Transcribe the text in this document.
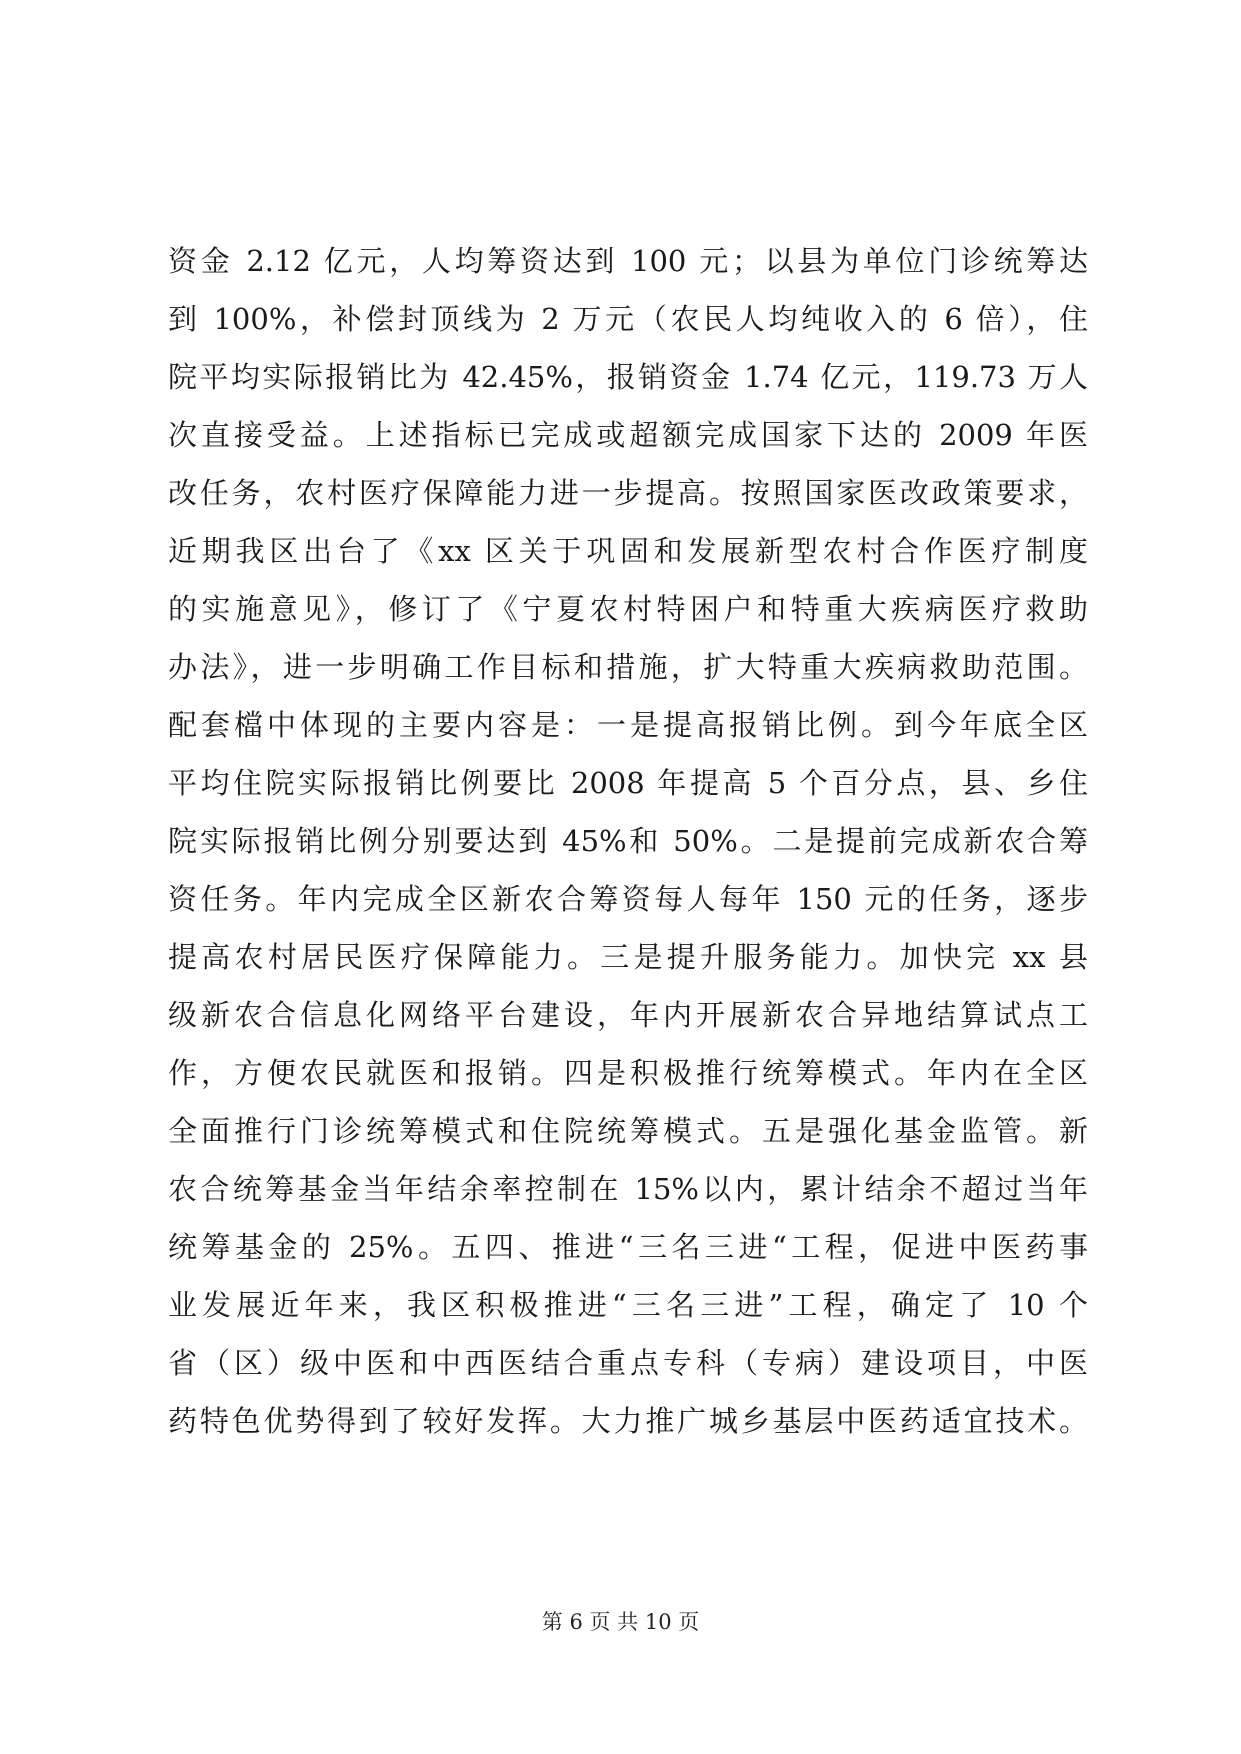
资金 2.12 亿元，人均筹资达到 100 元；以县为单位门诊统筹达
到 100%，补偿封顶线为 2 万元（农民人均纯收入的 6 倍），住
院平均实际报销比为 42.45%，报销资金 1.74 亿元，119.73 万人
次直接受益。上述指标已完成或超额完成国家下达的 2009 年医
改任务，农村医疗保障能力进一步提高。按照国家医改政策要求，
近期我区出台了《xx 区关于巩固和发展新型农村合作医疗制度
的实施意见》，修订了《宁夏农村特困户和特重大疾病医疗救助
办法》，进一步明确工作目标和措施，扩大特重大疾病救助范围。
配套檔中体现的主要内容是：一是提高报销比例。到今年底全区
平均住院实际报销比例要比 2008 年提高 5 个百分点，县、乡住
院实际报销比例分别要达到 45%和 50%。二是提前完成新农合筹
资任务。年内完成全区新农合筹资每人每年 150 元的任务，逐步
提高农村居民医疗保障能力。三是提升服务能力。加快完 xx 县
级新农合信息化网络平台建设，年内开展新农合异地结算试点工
作，方便农民就医和报销。四是积极推行统筹模式。年内在全区
全面推行门诊统筹模式和住院统筹模式。五是强化基金监管。新
农合统筹基金当年结余率控制在 15%以内，累计结余不超过当年
统筹基金的 25%。五四、推进“三名三进“工程，促进中医药事
业发展近年来，我区积极推进“三名三进”工程，确定了 10 个
省（区）级中医和中西医结合重点专科（专病）建设项目，中医
药特色优势得到了较好发挥。大力推广城乡基层中医药适宜技术。
第 6 页 共 10 页
